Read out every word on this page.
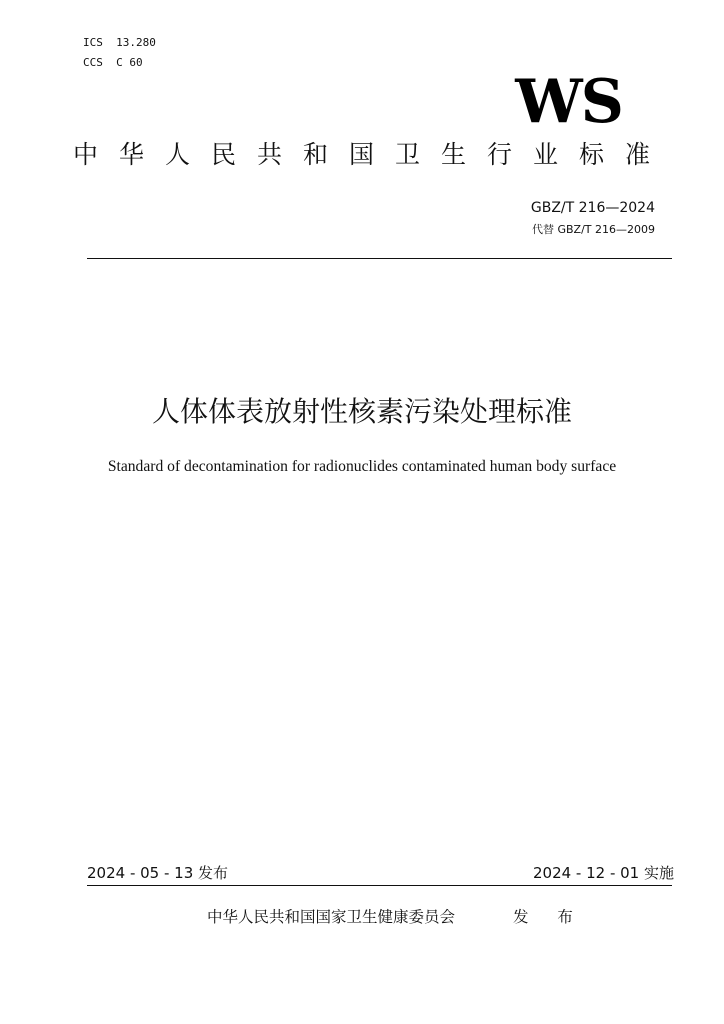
ICS  13.280
CCS  C 60
WS
中华人民共和国卫生行业标准
GBZ/T 216—2024
代替 GBZ/T 216—2009
人体体表放射性核素污染处理标准
Standard of decontamination for radionuclides contaminated human body surface
2024 - 05 - 13 发布	2024 - 12 - 01 实施
中华人民共和国国家卫生健康委员会	发 布
